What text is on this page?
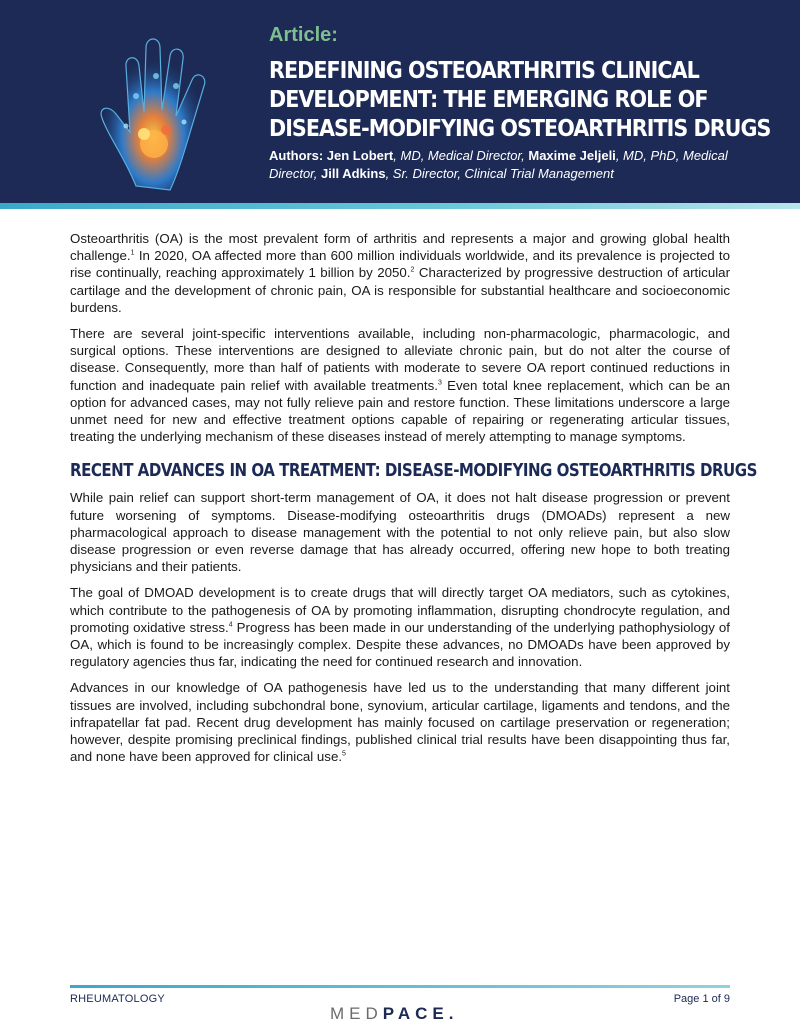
Article:
REDEFINING OSTEOARTHRITIS CLINICAL
DEVELOPMENT: THE EMERGING ROLE OF
DISEASE-MODIFYING OSTEOARTHRITIS DRUGS
Authors: Jen Lobert, MD, Medical Director, Maxime Jeljeli, MD, PhD, Medical Director, Jill Adkins, Sr. Director, Clinical Trial Management

Osteoarthritis (OA) is the most prevalent form of arthritis and represents a major and growing global health challenge.$^1$ In 2020, OA affected more than 600 million individuals worldwide, and its prevalence is projected to rise continually, reaching approximately 1 billion by 2050.$^2$ Characterized by progressive destruction of articular cartilage and the development of chronic pain, OA is responsible for substantial healthcare and socioeconomic burdens.

There are several joint-specific interventions available, including non-pharmacologic, pharmacologic, and surgical options. These interventions are designed to alleviate chronic pain, but do not alter the course of disease. Consequently, more than half of patients with moderate to severe OA report continued reductions in function and inadequate pain relief with available treatments.$^3$ Even total knee replacement, which can be an option for advanced cases, may not fully relieve pain and restore function. These limitations underscore a large unmet need for new and effective treatment options capable of repairing or regenerating articular tissues, treating the underlying mechanism of these diseases instead of merely attempting to manage symptoms.

RECENT ADVANCES IN OA TREATMENT: DISEASE-MODIFYING OSTEOARTHRITIS DRUGS

While pain relief can support short-term management of OA, it does not halt disease progression or prevent future worsening of symptoms. Disease-modifying osteoarthritis drugs (DMOADs) represent a new pharmacological approach to disease management with the potential to not only relieve pain, but also slow disease progression or even reverse damage that has already occurred, offering new hope to both treating physicians and their patients.

The goal of DMOAD development is to create drugs that will directly target OA mediators, such as cytokines, which contribute to the pathogenesis of OA by promoting inflammation, disrupting chondrocyte regulation, and promoting oxidative stress.$^4$ Progress has been made in our understanding of the underlying pathophysiology of OA, which is found to be increasingly complex. Despite these advances, no DMOADs have been approved by regulatory agencies thus far, indicating the need for continued research and innovation.

Advances in our knowledge of OA pathogenesis have led us to the understanding that many different joint tissues are involved, including subchondral bone, synovium, articular cartilage, ligaments and tendons, and the infrapatellar fat pad. Recent drug development has mainly focused on cartilage preservation or regeneration; however, despite promising preclinical findings, published clinical trial results have been disappointing thus far, and none have been approved for clinical use.$^5$

RHEUMATOLOGY	Page 1 of 9
MEDPACE.
